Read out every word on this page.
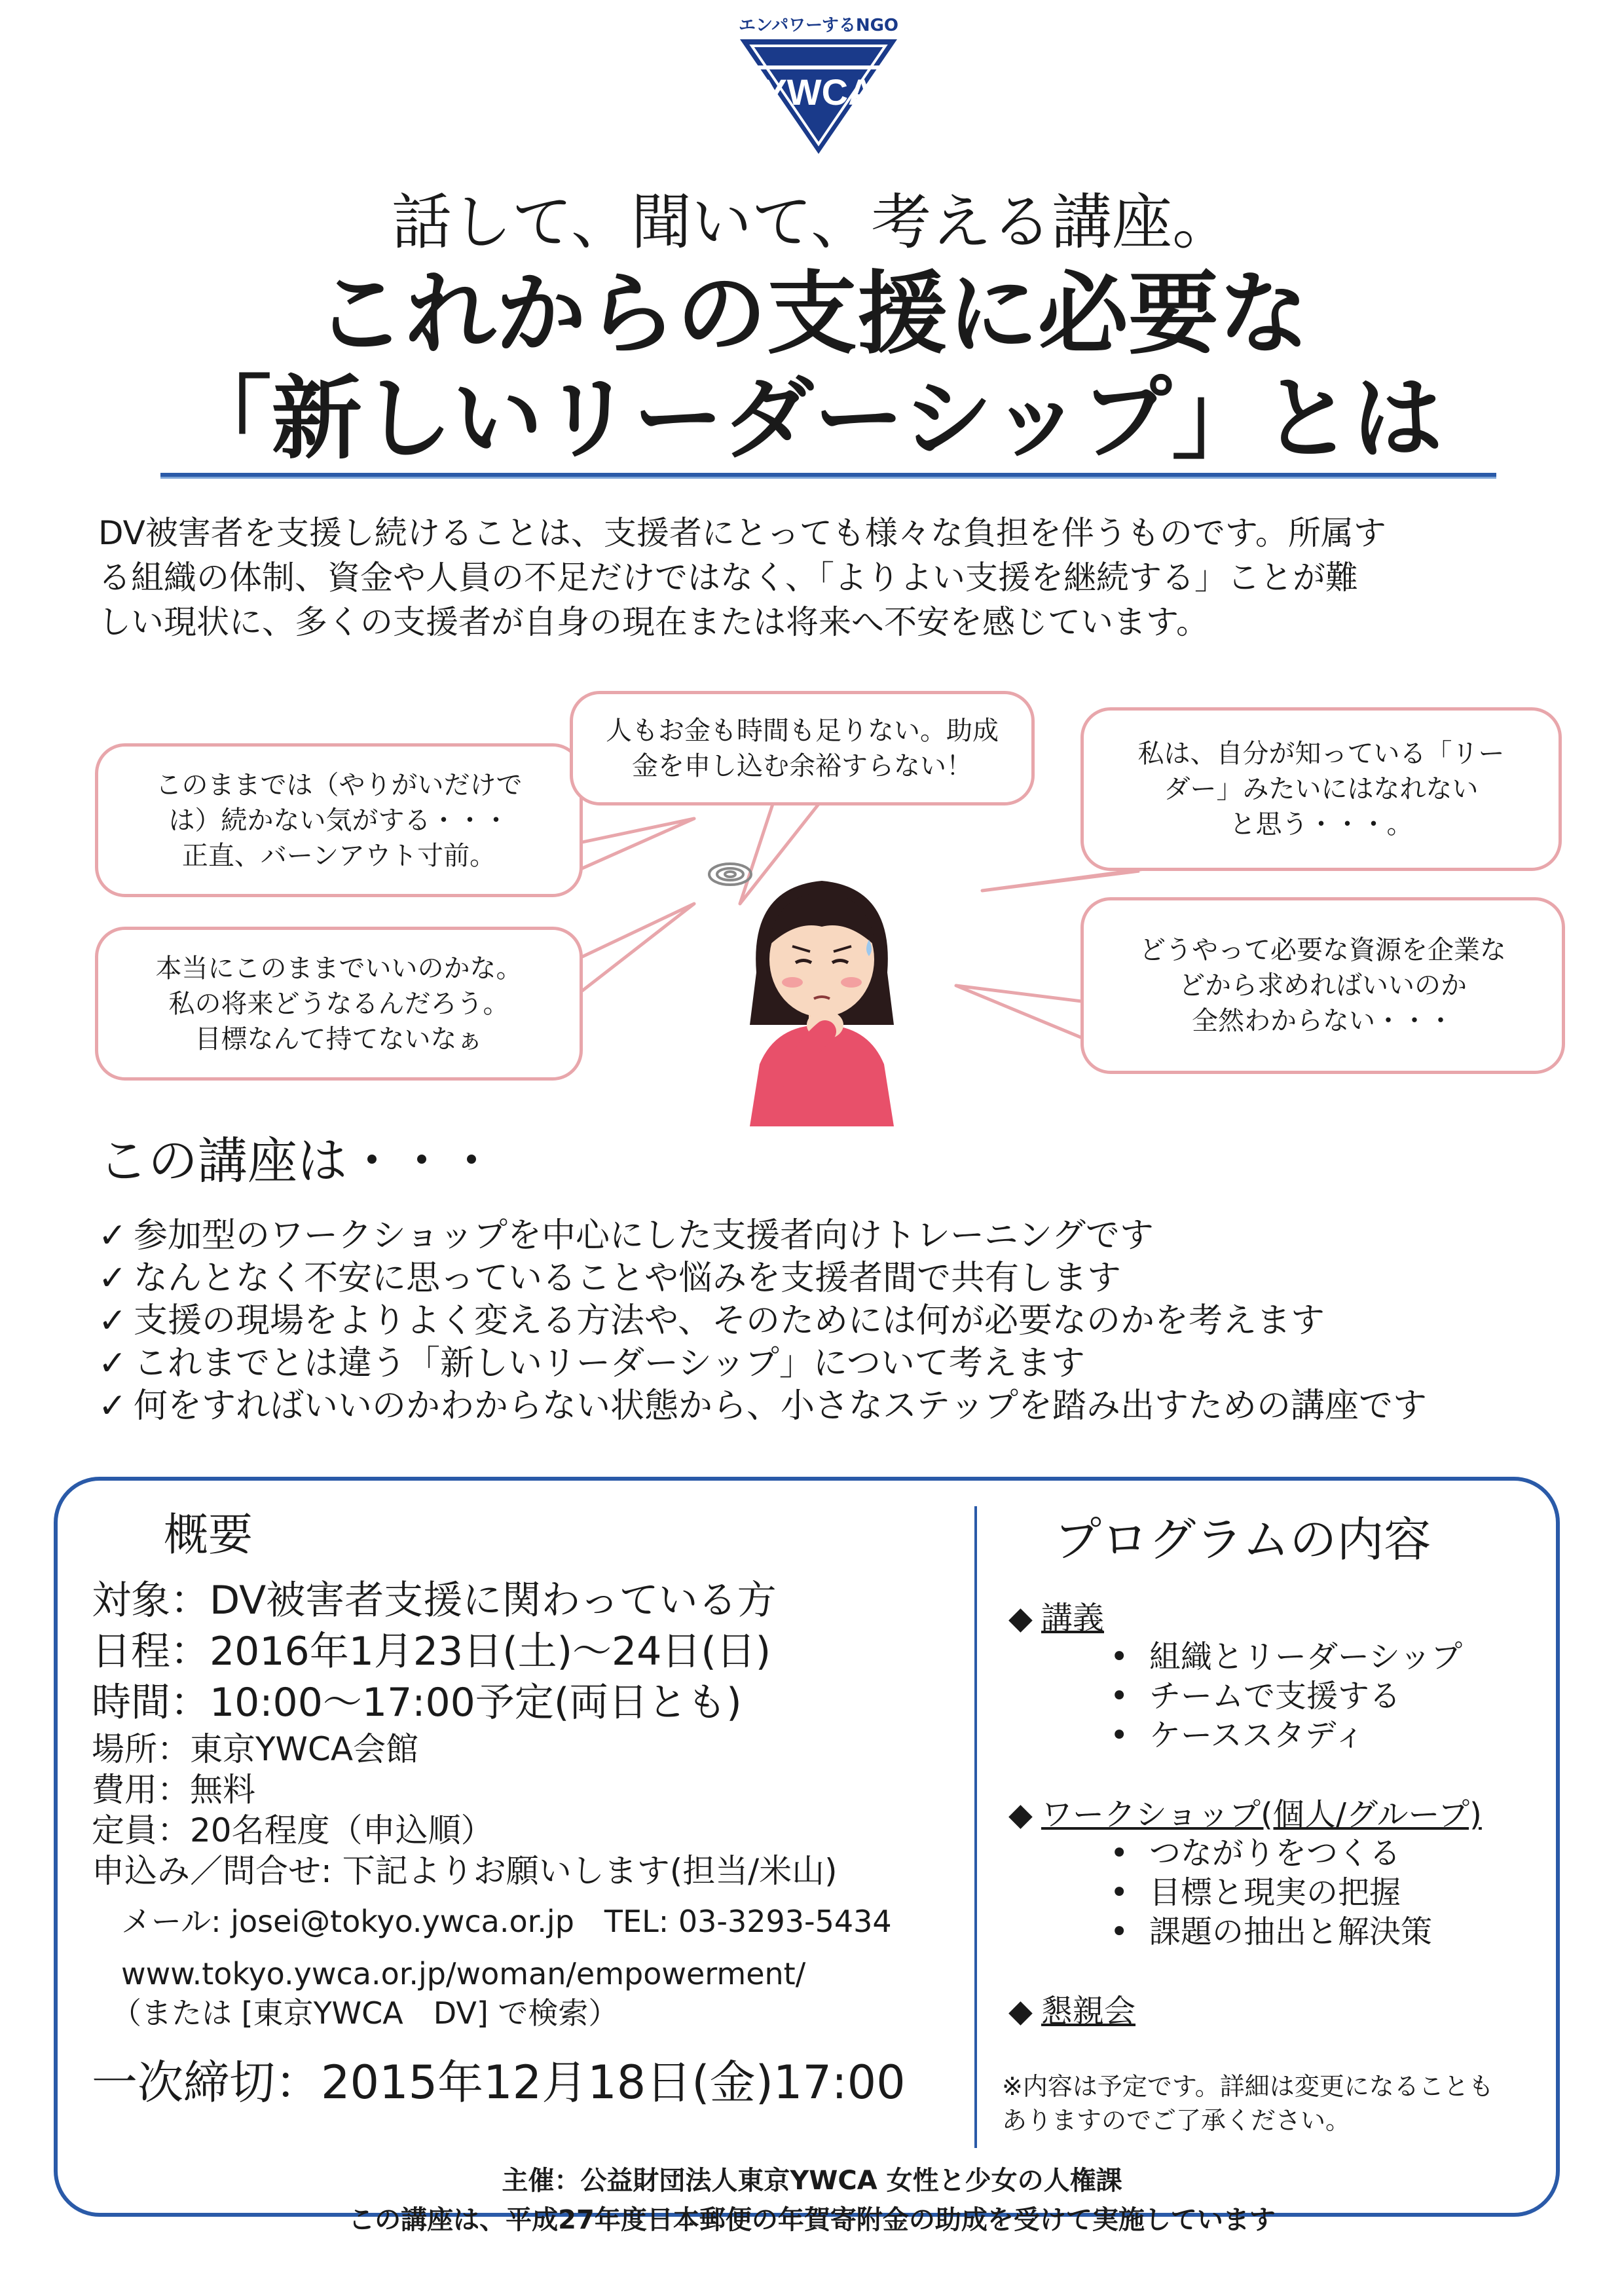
エンパワーするNGO
YWCA
話して、聞いて、考える講座。
これからの支援に必要な
「新しいリーダーシップ」とは
DV被害者を支援し続けることは、支援者にとっても様々な負担を伴うものです。所属す
る組織の体制、資金や人員の不足だけではなく、「よりよい支援を継続する」ことが難
しい現状に、多くの支援者が自身の現在または将来へ不安を感じています。
このままでは（やりがいだけで
は）続かない気がする・・・
正直、バーンアウト寸前。
人もお金も時間も足りない。助成
金を申し込む余裕すらない！	私は、自分が知っている「リー
ダー」みたいにはなれない
と思う・・・。
本当にこのままでいいのかな。
私の将来どうなるんだろう。
目標なんて持てないなぁ
どうやって必要な資源を企業な
どから求めればいいのか
全然わからない・・・
この講座は・・・
✓ 参加型のワークショップを中心にした支援者向けトレーニングです
✓ なんとなく不安に思っていることや悩みを支援者間で共有します
✓ 支援の現場をよりよく変える方法や、そのためには何が必要なのかを考えます
✓ これまでとは違う「新しいリーダーシップ」について考えます
✓ 何をすればいいのかわからない状態から、小さなステップを踏み出すための講座です
概要
対象：DV被害者支援に関わっている方
日程：2016年1月23日(土)～24日(日)
時間：10:00～17:00予定(両日とも)
場所：東京YWCA会館
費用：無料
定員：20名程度（申込順）
申込み／問合せ: 下記よりお願いします(担当/米山)
メール: josei@tokyo.ywca.or.jp　TEL: 03-3293-5434
www.tokyo.ywca.or.jp/woman/empowerment/
（または [東京YWCA　DV] で検索）
一次締切：2015年12月18日(金)17:00
プログラムの内容
◆ 講義
• 組織とリーダーシップ
• チームで支援する
• ケーススタディ
◆ ワークショップ(個人/グループ)
• つながりをつくる
• 目標と現実の把握
• 課題の抽出と解決策
◆ 懇親会
※内容は予定です。詳細は変更になることも
ありますのでご了承ください。
主催：公益財団法人東京YWCA 女性と少女の人権課
この講座は、平成27年度日本郵便の年賀寄附金の助成を受けて実施しています
